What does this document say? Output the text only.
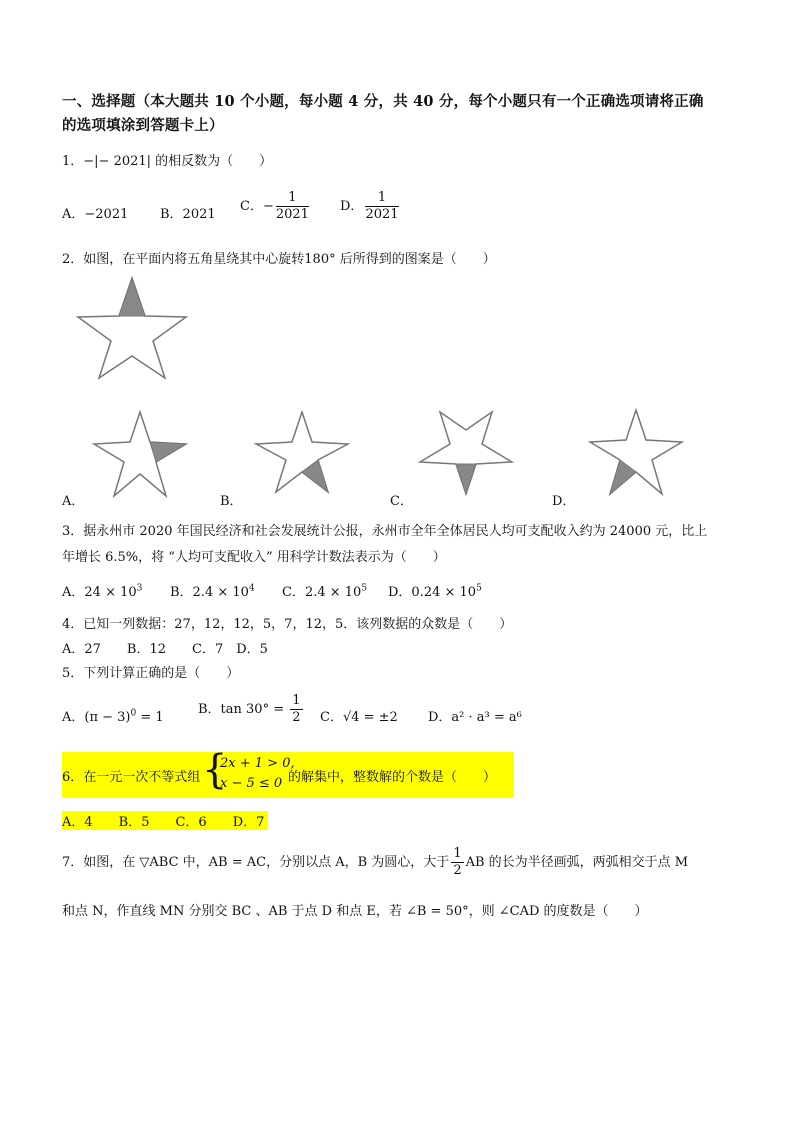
一、选择题（本大题共 10 个小题，每小题 4 分，共 40 分，每个小题只有一个正确选项请将正确
的选项填涂到答题卡上）
1．−|− 2021| 的相反数为（　　）
A．−2021 B．2021
C．− $\frac{1}{2021}$ D． $\frac{1}{2021}$
2．如图，在平面内将五角星绕其中心旋转180° 后所得到的图案是（　　）
A．	B．	C．	D．
3．据永州市 2020 年国民经济和社会发展统计公报，永州市全年全体居民人均可支配收入约为 24000 元，比上
年增长 6.5%，将 “人均可支配收入” 用科学计数法表示为（　　）
A．$24 \times 10^3$ B．$2.4 \times 10^4$ C．$2.4 \times 10^5$ D．$0.24 \times 10^5$
4．已知一列数据：27，12，12，5，7，12，5．该列数据的众数是（　　）
A．27　　B．12　　C．7　D．5
5．下列计算正确的是（　　）
A．$(\pi - 3)^0 = 1$
B．$\tan 30^\circ = \frac{1}{2}$ C．√4 = ±2 D．a² · a³ = a⁶
6．在一元一次不等式组 {
2x + 1 > 0,
x − 5 ≤ 0 的解集中，整数解的个数是（　　）
A．4　　B．5　　C．6　　D．7
7．如图，在 ▽ABC 中，AB = AC，分别以点 A，B 为圆心，大于 $\frac{1}{2}$ AB 的长为半径画弧，两弧相交于点 M
和点 N，作直线 MN 分别交 BC 、AB 于点 D 和点 E，若 ∠B = 50°，则 ∠CAD 的度数是（　　）
